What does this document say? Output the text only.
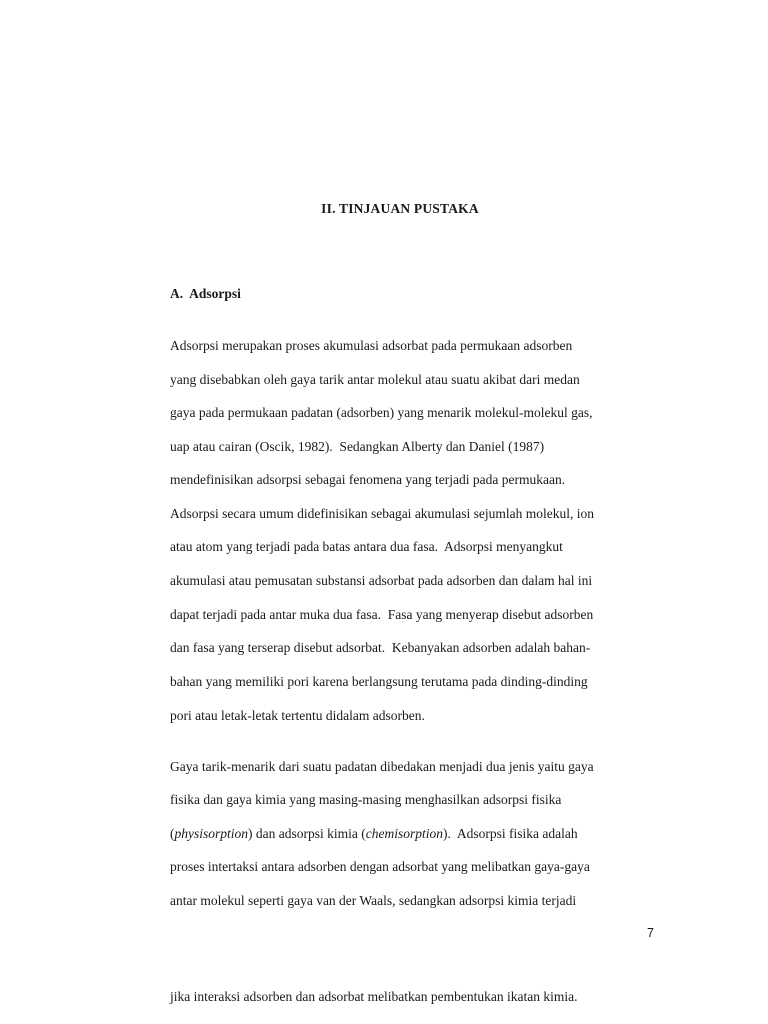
II. TINJAUAN PUSTAKA
A.  Adsorpsi

Adsorpsi merupakan proses akumulasi adsorbat pada permukaan adsorben

yang disebabkan oleh gaya tarik antar molekul atau suatu akibat dari medan

gaya pada permukaan padatan (adsorben) yang menarik molekul-molekul gas,

uap atau cairan (Oscik, 1982).  Sedangkan Alberty dan Daniel (1987)

mendefinisikan adsorpsi sebagai fenomena yang terjadi pada permukaan.

Adsorpsi secara umum didefinisikan sebagai akumulasi sejumlah molekul, ion

atau atom yang terjadi pada batas antara dua fasa.  Adsorpsi menyangkut

akumulasi atau pemusatan substansi adsorbat pada adsorben dan dalam hal ini

dapat terjadi pada antar muka dua fasa.  Fasa yang menyerap disebut adsorben

dan fasa yang terserap disebut adsorbat.  Kebanyakan adsorben adalah bahan-

bahan yang memiliki pori karena berlangsung terutama pada dinding-dinding

pori atau letak-letak tertentu didalam adsorben.

Gaya tarik-menarik dari suatu padatan dibedakan menjadi dua jenis yaitu gaya

fisika dan gaya kimia yang masing-masing menghasilkan adsorpsi fisika

(physisorption) dan adsorpsi kimia (chemisorption).  Adsorpsi fisika adalah

proses intertaksi antara adsorben dengan adsorbat yang melibatkan gaya-gaya

antar molekul seperti gaya van der Waals, sedangkan adsorpsi kimia terjadi

7

jika interaksi adsorben dan adsorbat melibatkan pembentukan ikatan kimia.
